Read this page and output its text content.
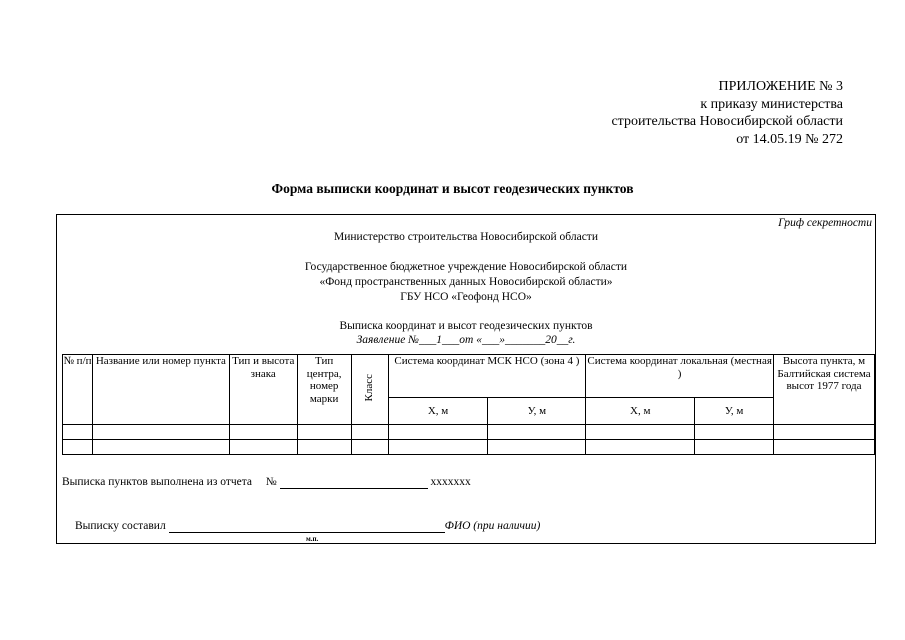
ПРИЛОЖЕНИЕ № 3
к приказу министерства
строительства Новосибирской области
от 14.05.19 № 272
Форма выписки координат и высот геодезических пунктов
Гриф секретности
Министерство строительства Новосибирской области
Государственное бюджетное учреждение Новосибирской области
«Фонд пространственных данных Новосибирской области»
ГБУ НСО «Геофонд НСО»
Выписка координат и высот геодезических пунктов
Заявление №___1___от «___»_______20__г.
№ п/п	Название или номер пункта	Тип и высота знака	Тип центра, номер марки	Класс	Система координат МСК НСО (зона 4 )		Система координат локальная (местная )		Высота пункта, м Балтийская система высот 1977 года
					Х, м	У, м	Х, м	У, м	

Выписка пунктов выполнена из отчета №	ххххххх
Выписку составил	ФИО (при наличии)
м.п.
